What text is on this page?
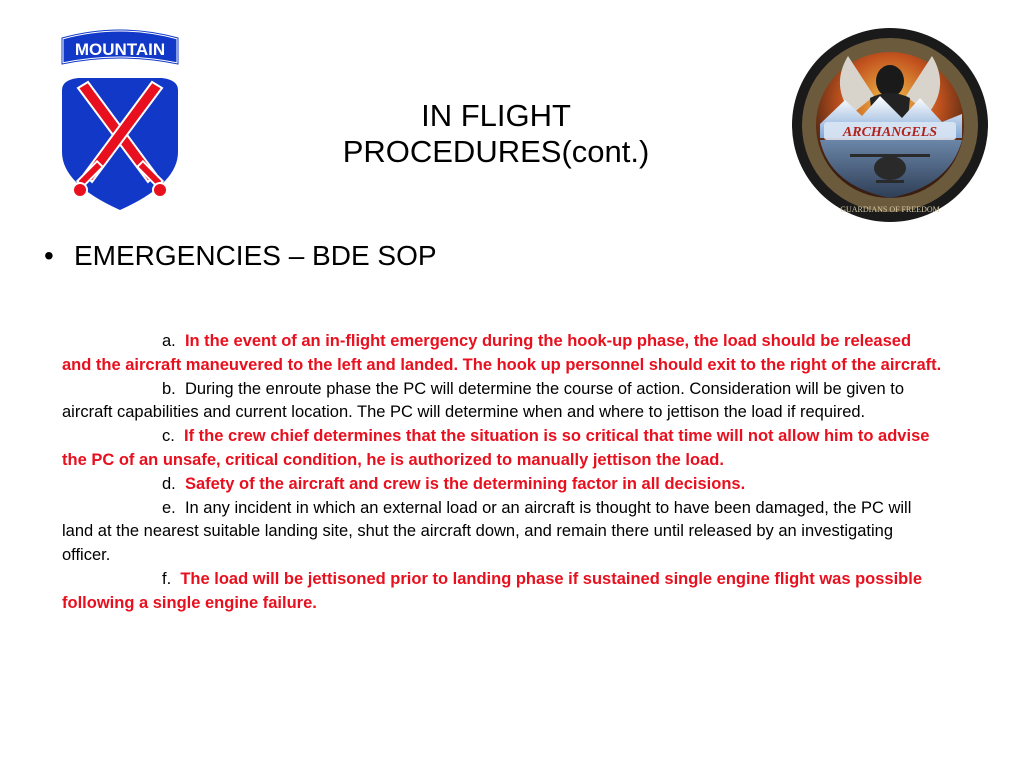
MOUNTAIN
ARCHANGELS
GUARDIANS OF FREEDOM
IN FLIGHT
PROCEDURES(cont.)
• EMERGENCIES – BDE SOP

a. In the event of an in-flight emergency during the hook-up phase, the load should be released and the aircraft maneuvered to the left and landed. The hook up personnel should exit to the right of the aircraft.

b. During the enroute phase the PC will determine the course of action. Consideration will be given to aircraft capabilities and current location. The PC will determine when and where to jettison the load if required.

c. If the crew chief determines that the situation is so critical that time will not allow him to advise the PC of an unsafe, critical condition, he is authorized to manually jettison the load.

d. Safety of the aircraft and crew is the determining factor in all decisions.

e. In any incident in which an external load or an aircraft is thought to have been damaged, the PC will land at the nearest suitable landing site, shut the aircraft down, and remain there until released by an investigating officer.

f. The load will be jettisoned prior to landing phase if sustained single engine flight was possible following a single engine failure.
